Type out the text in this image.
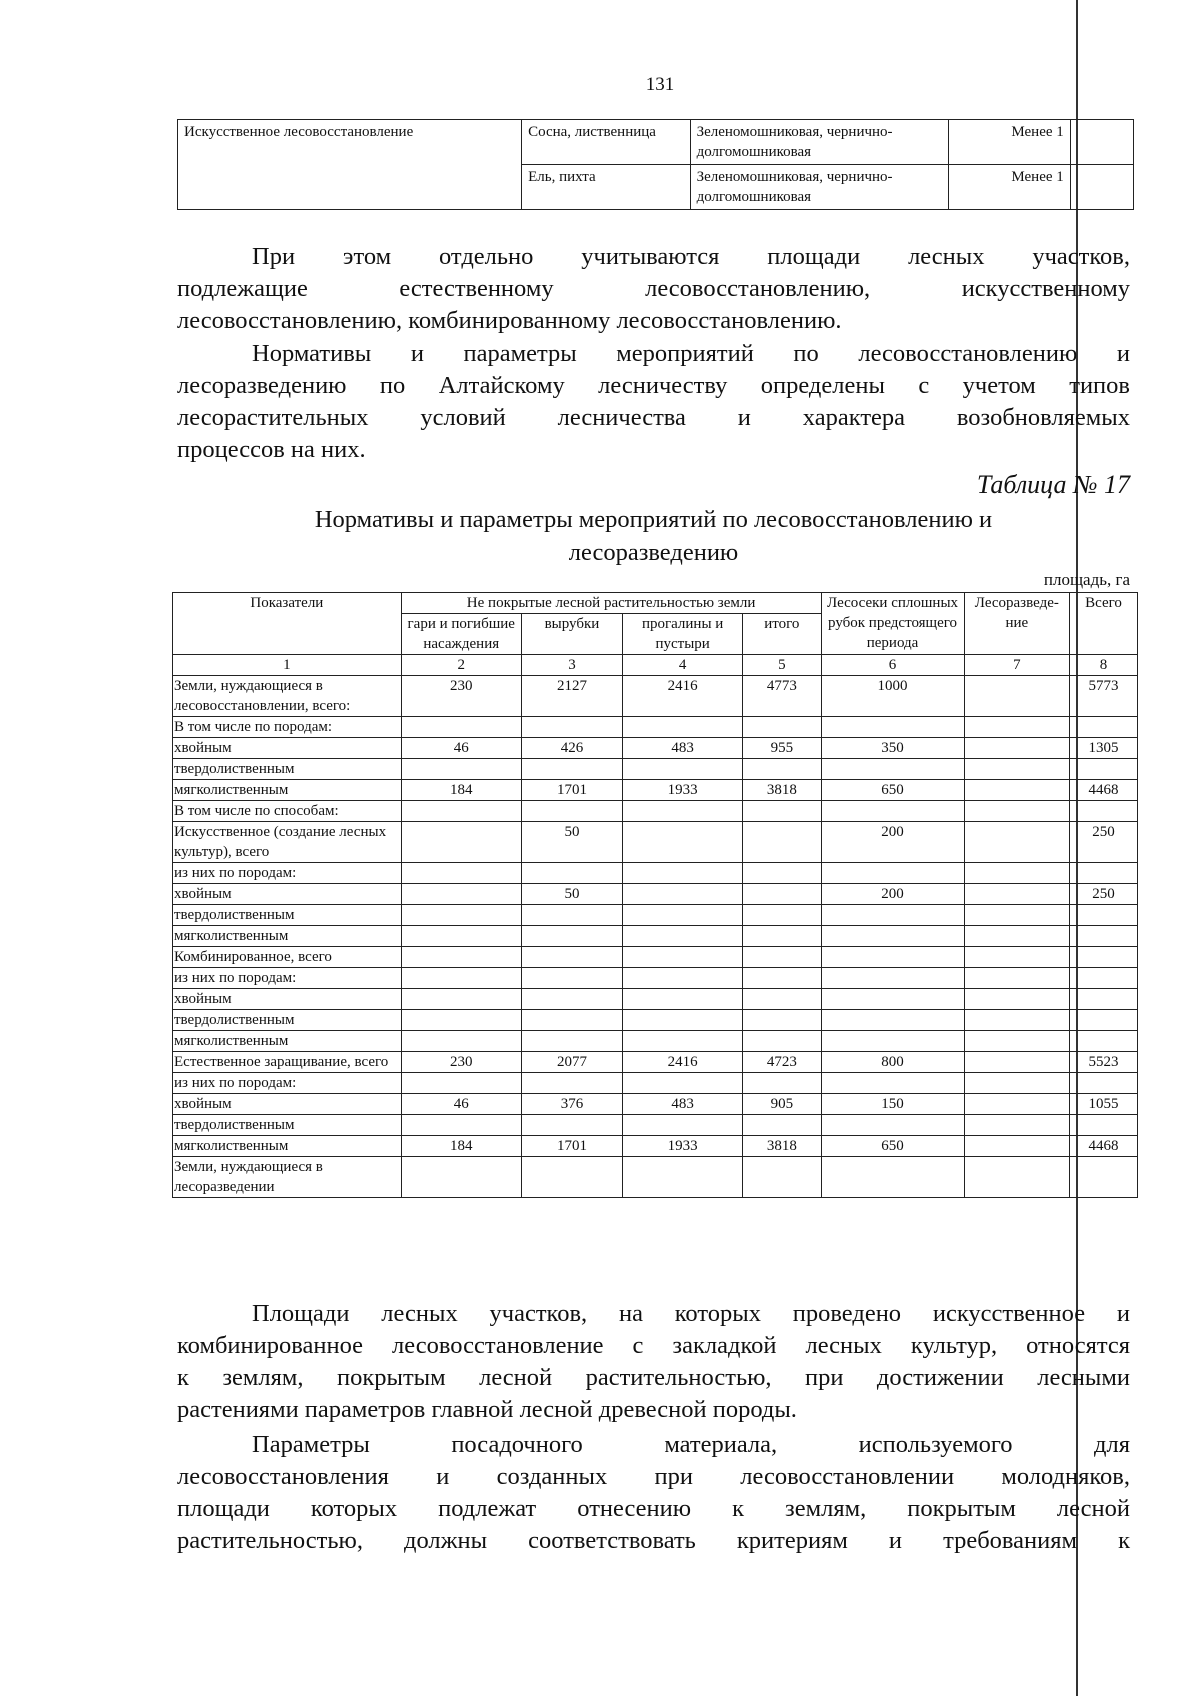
131
Искусственное лесовосстановление	Сосна, лиственница	Зеленомошниковая, чернично-долгомошниковая	Менее 1	
	Ель, пихта	Зеленомошниковая, чернично-долгомошниковая	Менее 1	
При этом отдельно учитываются площади лесных участков,
подлежащие естественному лесовосстановлению, искусственному
лесовосстановлению, комбинированному лесовосстановлению.
Нормативы и параметры мероприятий по лесовосстановлению и
лесоразведению по Алтайскому лесничеству определены с учетом типов
лесорастительных условий лесничества и характера возобновляемых
процессов на них.
Таблица № 17
Нормативы и параметры мероприятий по лесовосстановлению и
лесоразведению
площадь, га
Показатели	Не покрытые лесной растительностью земли				Лесосеки сплошных рубок предстоящего периода	Лесоразведе-ние	Всего
	гари и погибшие насаждения	вырубки	прогалины и пустыри	итого			
1	2	3	4	5	6	7	8
Земли, нуждающиеся в лесовосстановлении, всего:	230	2127	2416	4773	1000		5773
В том числе по породам:							
хвойным	46	426	483	955	350		1305
твердолиственным							
мягколиственным	184	1701	1933	3818	650		4468
В том числе по способам:							
Искусственное (создание лесных культур), всего		50			200		250
из них по породам:							
хвойным		50			200		250
твердолиственным							
мягколиственным							
Комбинированное, всего							
из них по породам:							
хвойным							
твердолиственным							
мягколиственным							
Естественное заращивание, всего	230	2077	2416	4723	800		5523
из них по породам:							
хвойным	46	376	483	905	150		1055
твердолиственным							
мягколиственным	184	1701	1933	3818	650		4468
Земли, нуждающиеся в лесоразведении							
Площади лесных участков, на которых проведено искусственное и
комбинированное лесовосстановление с закладкой лесных культур, относятся
к землям, покрытым лесной растительностью, при достижении лесными
растениями параметров главной лесной древесной породы.
Параметры посадочного материала, используемого для
лесовосстановления и созданных при лесовосстановлении молодняков,
площади которых подлежат отнесению к землям, покрытым лесной
растительностью, должны соответствовать критериям и требованиям к
